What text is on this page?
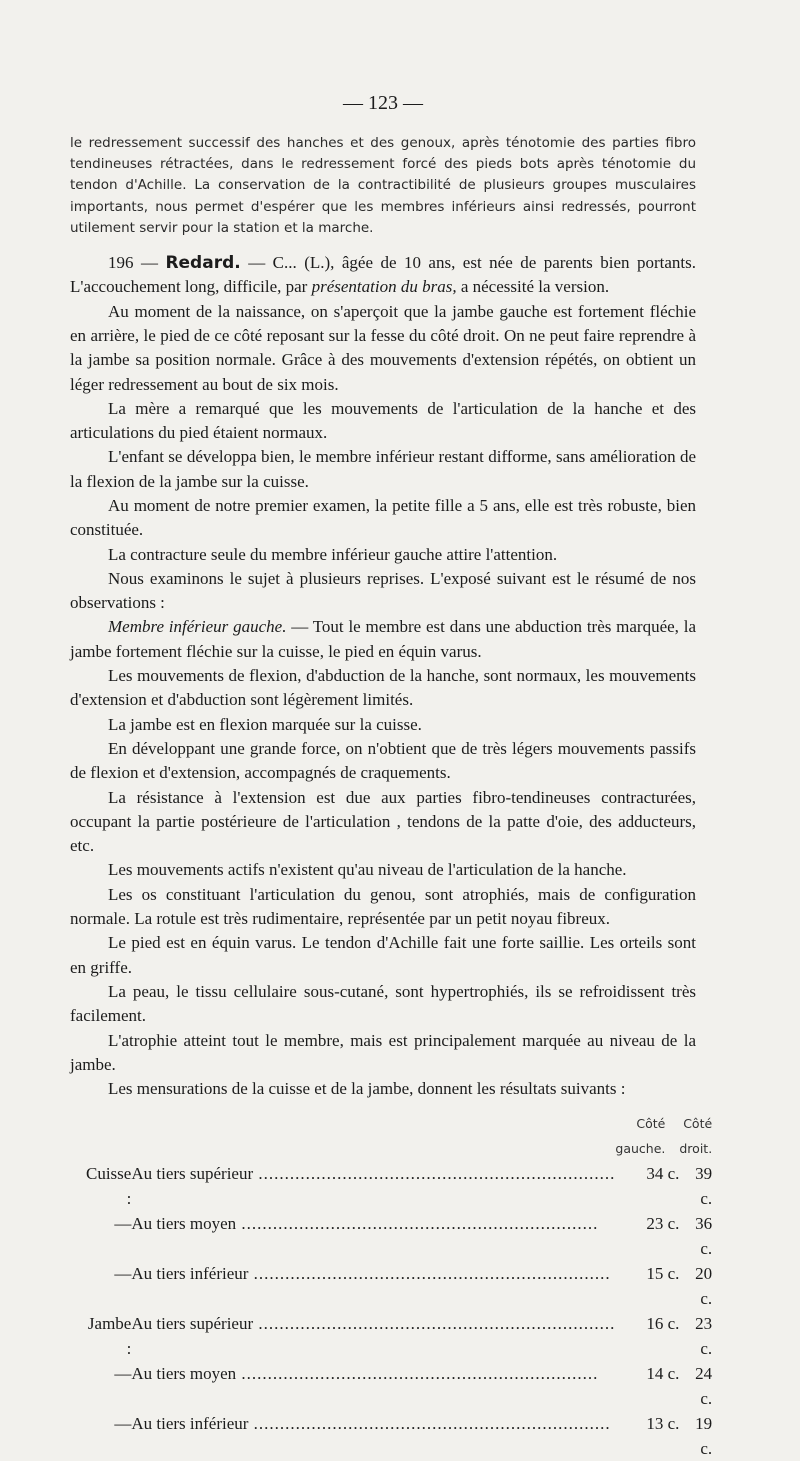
— 123 —

le redressement successif des hanches et des genoux, après ténotomie des parties fibro tendineuses rétractées, dans le redressement forcé des pieds bots après ténotomie du tendon d'Achille. La conservation de la contractibilité de plusieurs groupes musculaires importants, nous permet d'espérer que les membres inférieurs ainsi redressés, pourront utilement servir pour la station et la marche.

196 — Redard. — C... (L.), âgée de 10 ans, est née de parents bien portants. L'accouchement long, difficile, par présentation du bras, a nécessité la version.

Au moment de la naissance, on s'aperçoit que la jambe gauche est fortement fléchie en arrière, le pied de ce côté reposant sur la fesse du côté droit. On ne peut faire reprendre à la jambe sa position normale. Grâce à des mouvements d'extension répétés, on obtient un léger redressement au bout de six mois.

La mère a remarqué que les mouvements de l'articulation de la hanche et des articulations du pied étaient normaux.

L'enfant se développa bien, le membre inférieur restant difforme, sans amélioration de la flexion de la jambe sur la cuisse.

Au moment de notre premier examen, la petite fille a 5 ans, elle est très robuste, bien constituée.

La contracture seule du membre inférieur gauche attire l'attention.

Nous examinons le sujet à plusieurs reprises. L'exposé suivant est le résumé de nos observations :

Membre inférieur gauche. — Tout le membre est dans une abduction très marquée, la jambe fortement fléchie sur la cuisse, le pied en équin varus.

Les mouvements de flexion, d'abduction de la hanche, sont normaux, les mouvements d'extension et d'abduction sont légèrement limités.

La jambe est en flexion marquée sur la cuisse.

En développant une grande force, on n'obtient que de très légers mouvements passifs de flexion et d'extension, accompagnés de craquements.

La résistance à l'extension est due aux parties fibro-tendineuses contracturées, occupant la partie postérieure de l'articulation , tendons de la patte d'oie, des adducteurs, etc.

Les mouvements actifs n'existent qu'au niveau de l'articulation de la hanche.

Les os constituant l'articulation du genou, sont atrophiés, mais de configuration normale. La rotule est très rudimentaire, représentée par un petit noyau fibreux.

Le pied est en équin varus. Le tendon d'Achille fait une forte saillie. Les orteils sont en griffe.

La peau, le tissu cellulaire sous-cutané, sont hypertrophiés, ils se refroidissent très facilement.

L'atrophie atteint tout le membre, mais est principalement marquée au niveau de la jambe.

Les mensurations de la cuisse et de la jambe, donnent les résultats suivants :

		Côté gauche.	Côté droit.
Cuisse :	Au tiers supérieur .....	34 c.	39 c.
—	Au tiers moyen .....	23 c.	36 c.
—	Au tiers inférieur .....	15 c.	20 c.
Jambe :	Au tiers supérieur .....	16 c.	23 c.
—	Au tiers moyen .....	14 c.	24 c.
—	Au tiers inférieur .....	13 c.	19 c.
